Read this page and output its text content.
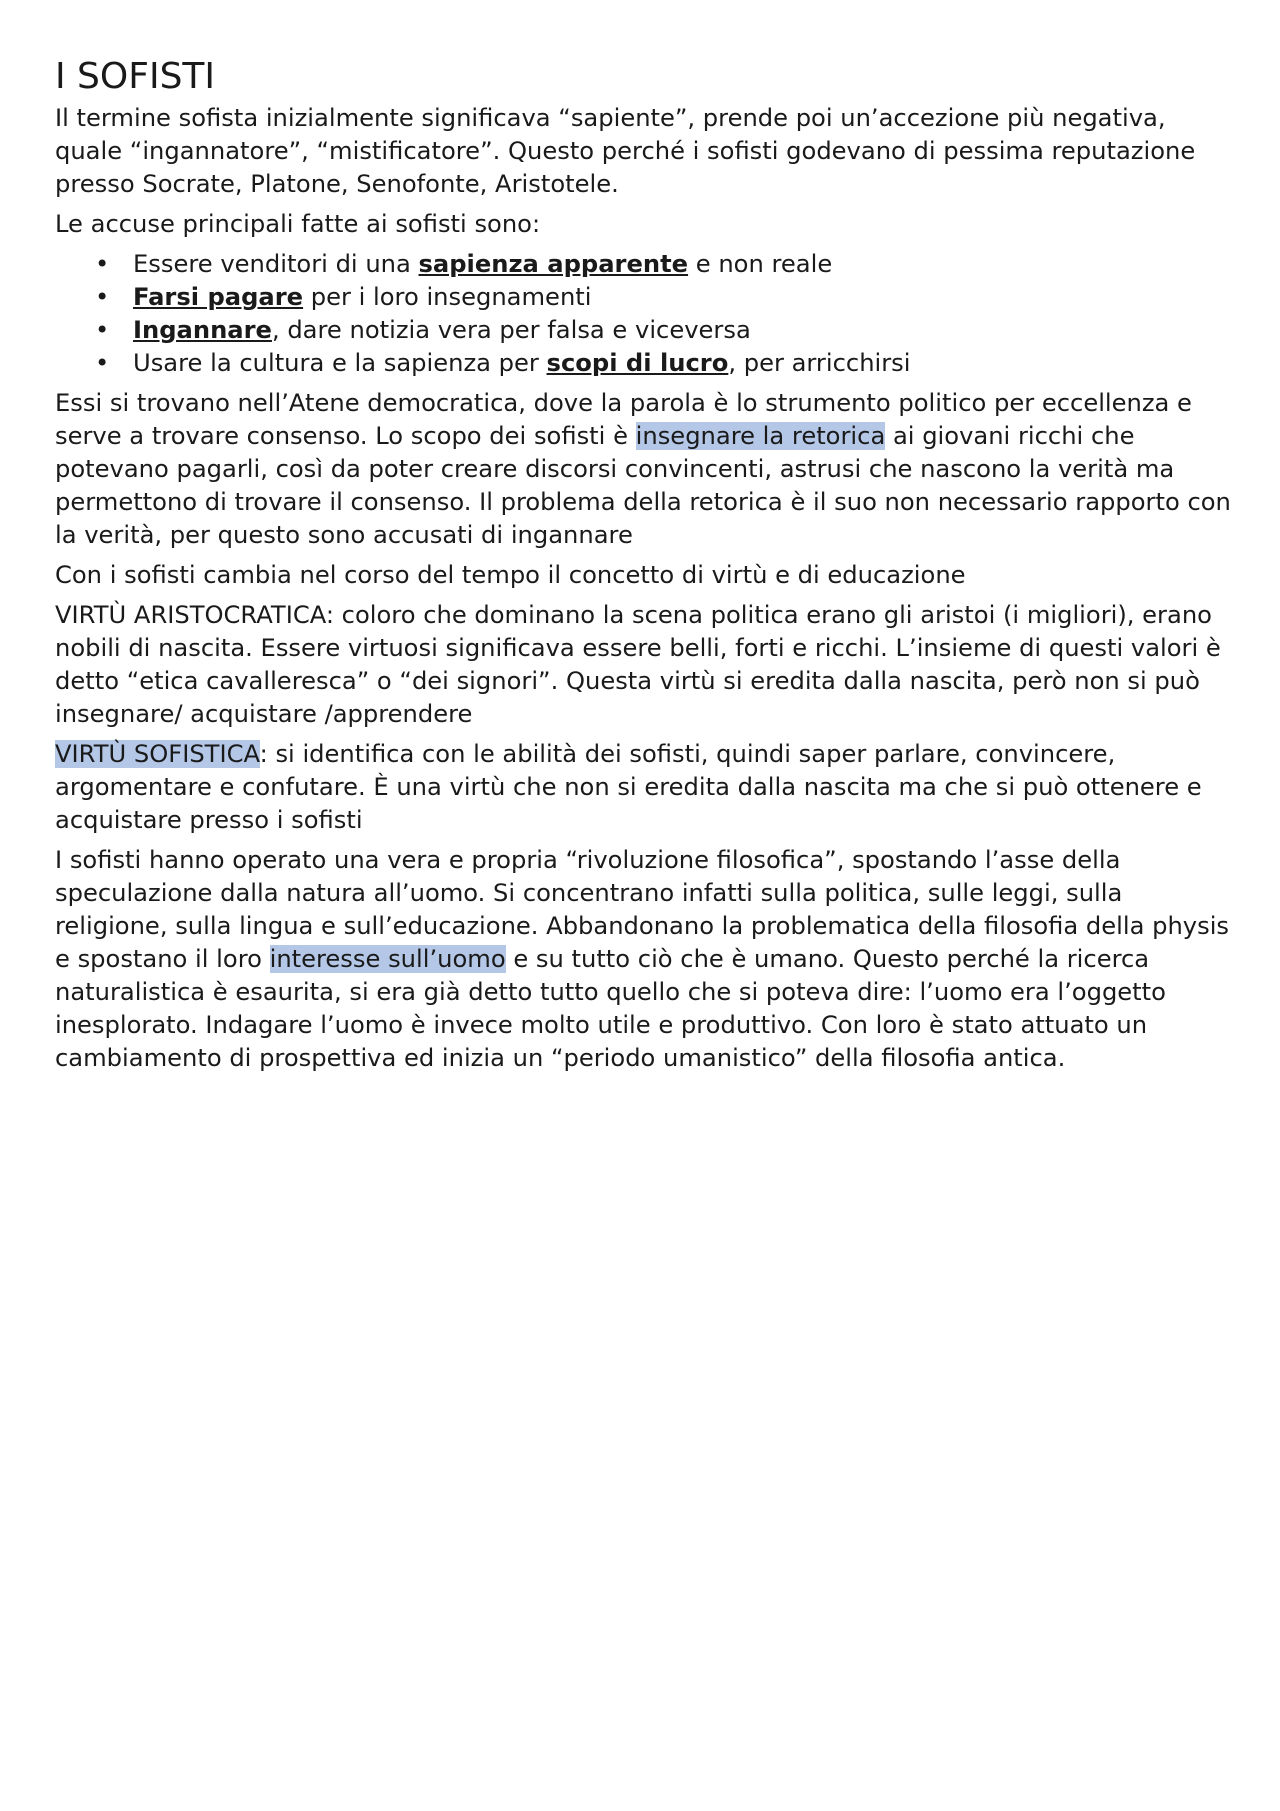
I SOFISTI

Il termine sofista inizialmente significava “sapiente”, prende poi un’accezione più negativa, quale “ingannatore”, “mistificatore”. Questo perché i sofisti godevano di pessima reputazione presso Socrate, Platone, Senofonte, Aristotele.

Le accuse principali fatte ai sofisti sono:

• Essere venditori di una sapienza apparente e non reale
• Farsi pagare per i loro insegnamenti
• Ingannare, dare notizia vera per falsa e viceversa
• Usare la cultura e la sapienza per scopi di lucro, per arricchirsi

Essi si trovano nell’Atene democratica, dove la parola è lo strumento politico per eccellenza e serve a trovare consenso. Lo scopo dei sofisti è insegnare la retorica ai giovani ricchi che potevano pagarli, così da poter creare discorsi convincenti, astrusi che nascono la verità ma permettono di trovare il consenso. Il problema della retorica è il suo non necessario rapporto con la verità, per questo sono accusati di ingannare

Con i sofisti cambia nel corso del tempo il concetto di virtù e di educazione

VIRTÙ ARISTOCRATICA: coloro che dominano la scena politica erano gli aristoi (i migliori), erano nobili di nascita. Essere virtuosi significava essere belli, forti e ricchi. L’insieme di questi valori è detto “etica cavalleresca” o “dei signori”. Questa virtù si eredita dalla nascita, però non si può insegnare/ acquistare /apprendere

VIRTÙ SOFISTICA: si identifica con le abilità dei sofisti, quindi saper parlare, convincere, argomentare e confutare. È una virtù che non si eredita dalla nascita ma che si può ottenere e acquistare presso i sofisti

I sofisti hanno operato una vera e propria “rivoluzione filosofica”, spostando l’asse della speculazione dalla natura all’uomo. Si concentrano infatti sulla politica, sulle leggi, sulla religione, sulla lingua e sull’educazione. Abbandonano la problematica della filosofia della physis e spostano il loro interesse sull’uomo e su tutto ciò che è umano. Questo perché la ricerca naturalistica è esaurita, si era già detto tutto quello che si poteva dire: l’uomo era l’oggetto inesplorato. Indagare l’uomo è invece molto utile e produttivo. Con loro è stato attuato un cambiamento di prospettiva ed inizia un “periodo umanistico” della filosofia antica.
